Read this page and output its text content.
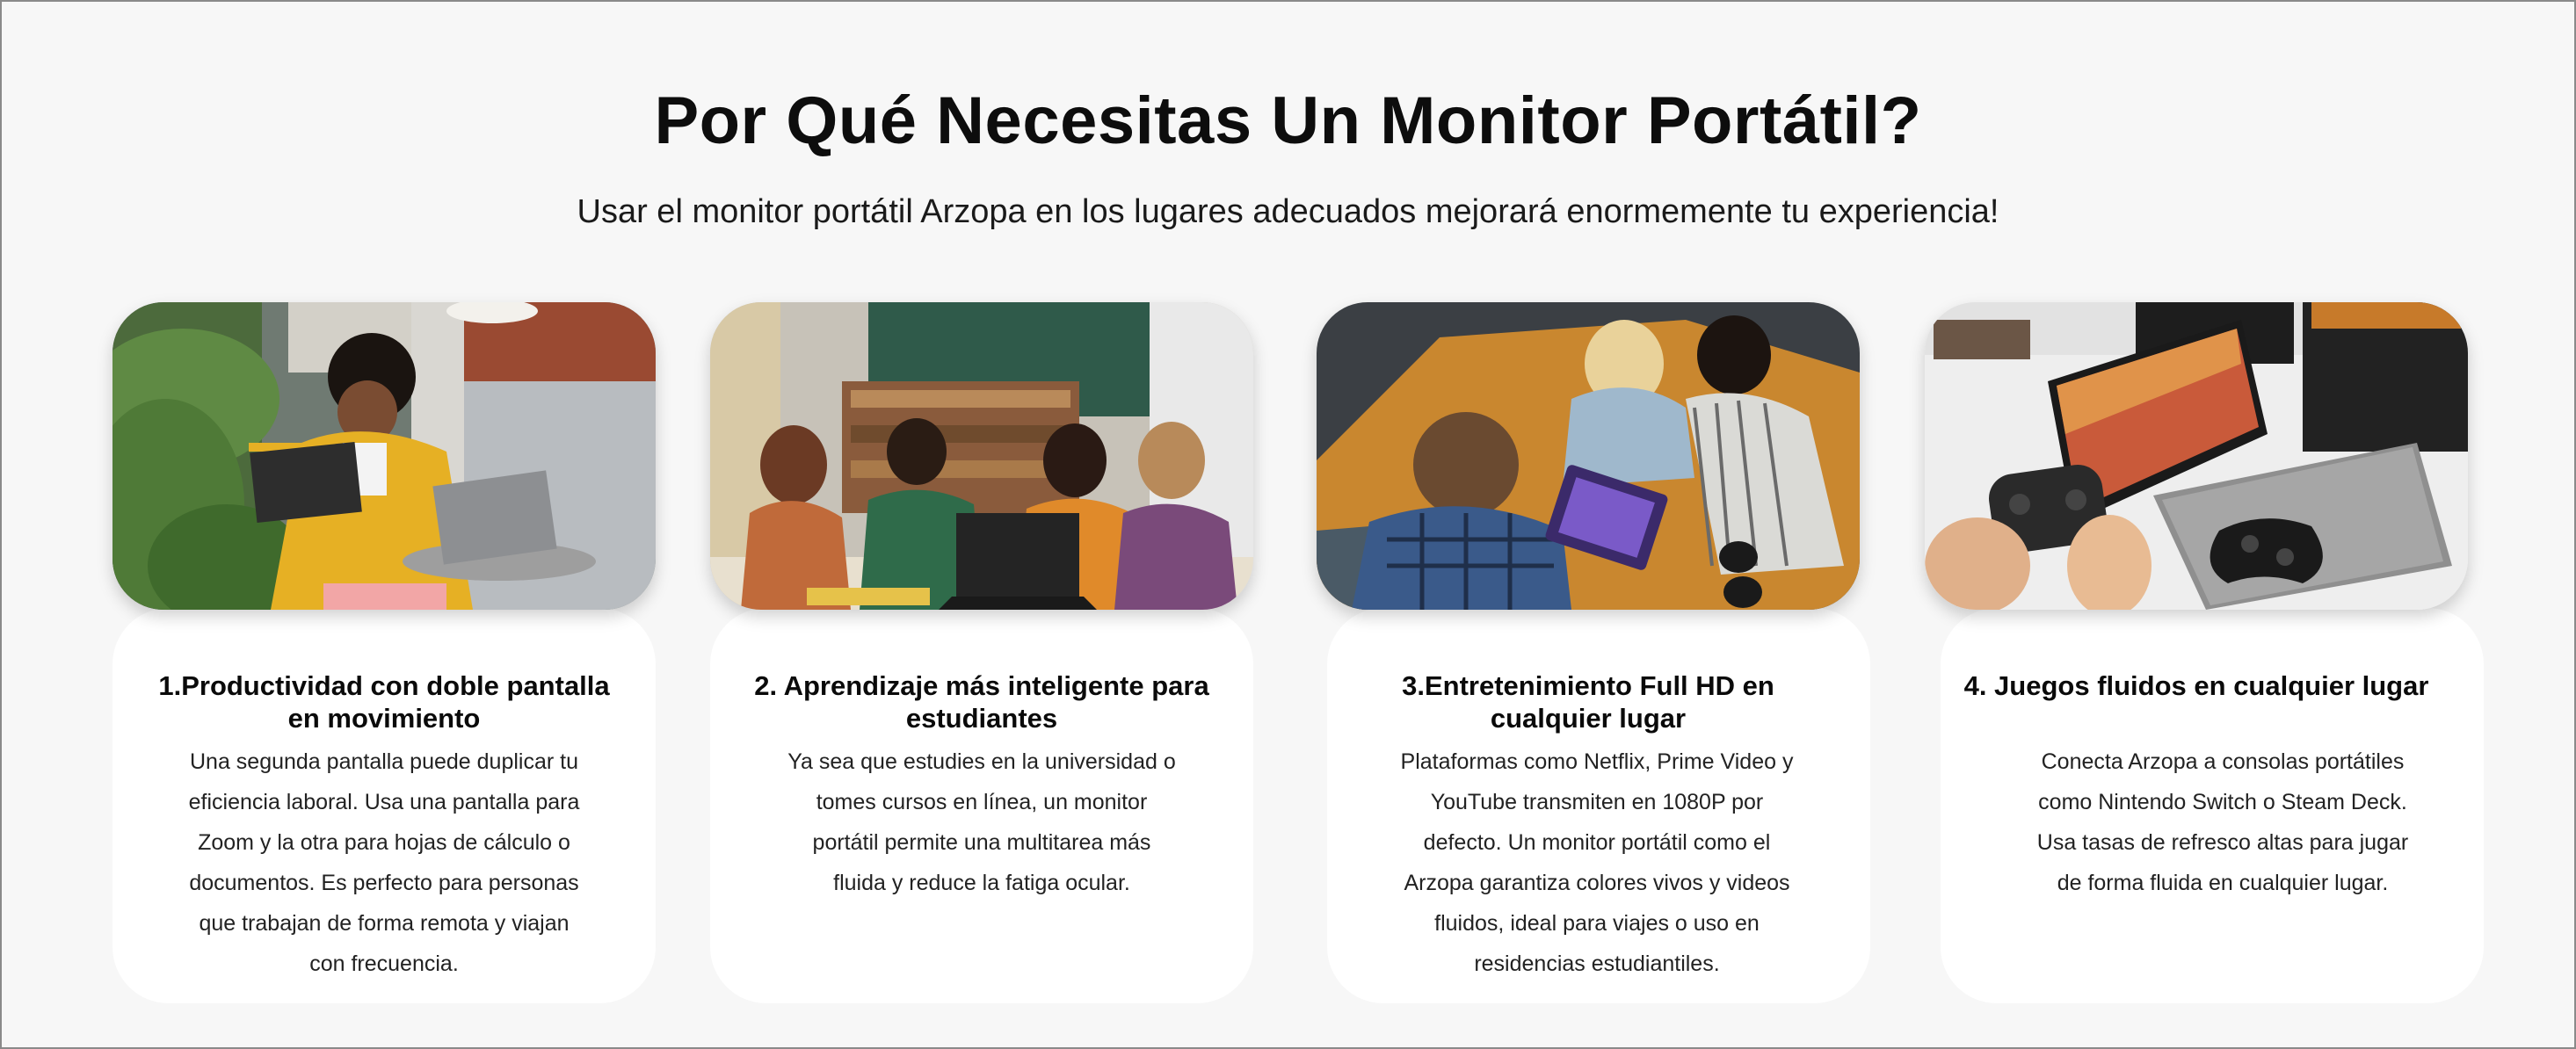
Por Qué Necesitas Un Monitor Portátil?
Usar el monitor portátil Arzopa en los lugares adecuados mejorará enormemente tu experiencia!
1.Productividad con doble pantalla en movimiento
Una segunda pantalla puede duplicar tu eficiencia laboral. Usa una pantalla para Zoom y la otra para hojas de cálculo o documentos. Es perfecto para personas que trabajan de forma remota y viajan con frecuencia.
2. Aprendizaje más inteligente para estudiantes
Ya sea que estudies en la universidad o tomes cursos en línea, un monitor portátil permite una multitarea más fluida y reduce la fatiga ocular.
3.Entretenimiento Full HD en cualquier lugar
Plataformas como Netflix, Prime Video y YouTube transmiten en 1080P por defecto. Un monitor portátil como el Arzopa garantiza colores vivos y videos fluidos, ideal para viajes o uso en residencias estudiantiles.
4. Juegos fluidos en cualquier lugar
Conecta Arzopa a consolas portátiles como Nintendo Switch o Steam Deck. Usa tasas de refresco altas para jugar de forma fluida en cualquier lugar.
